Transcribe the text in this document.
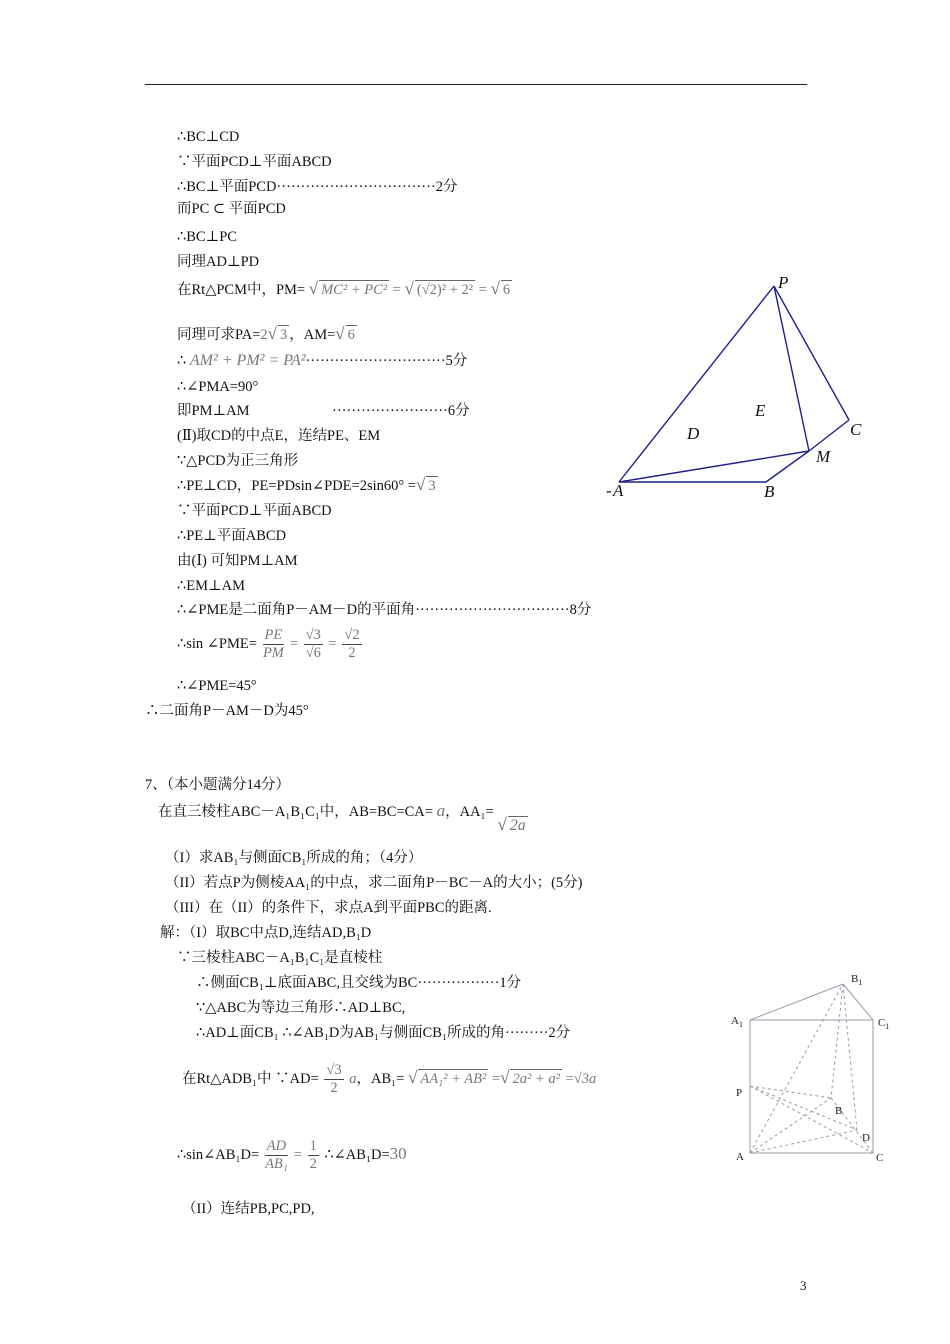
∴BC⊥CD
∵平面PCD⊥平面ABCD
∴BC⊥平面PCD·································2分
而PC ⊂ 平面PCD
∴BC⊥PC
同理AD⊥PD
在Rt△PCM中，PM= √ MC² + PC² = √ (√2)² + 2² = √ 6
同理可求PA=2√ 3 ，AM=√ 6
∴ AM² + PM² = PA²·····························5分
∴∠PMA=90°
即PM⊥AM	························6分
(Ⅱ)取CD的中点E，连结PE、EM
∵△PCD为正三角形
∴PE⊥CD，PE=PDsin∠PDE=2sin60° =√ 3
∵平面PCD⊥平面ABCD
∴PE⊥平面ABCD
由(Ⅰ) 可知PM⊥AM
∴EM⊥AM
∴∠PME是二面角P－AM－D的平面角································8分
∴sin ∠PME= $\frac{PE}{PM} = \frac{√3}{√6} = \frac{√2}{2}$
∴∠PME=45°
∴二面角P－AM－D为45°
7、（本小题满分14分）
在直三棱柱ABC－A₁B₁C₁中，AB=BC=CA= a，AA₁= √ 2a
（I）求AB₁与侧面CB₁所成的角；（4分）
（II）若点P为侧棱AA₁的中点，求二面角P－BC－A的大小；(5分)
（III）在（II）的条件下，求点A到平面PBC的距离.
解：（I）取BC中点D,连结AD,B₁D
∵三棱柱ABC－A₁B₁C₁是直棱柱
∴侧面CB₁⊥底面ABC,且交线为BC·················1分
∵△ABC为等边三角形∴AD⊥BC,
∴AD⊥面CB₁ ∴∠AB₁D为AB₁与侧面CB₁所成的角·········2分
在Rt△ADB₁中 ∵AD= $\frac{√3}{2}$ a，AB₁= √ AA₁² + AB² =√ 2a² + a² =√3a
∴sin∠AB₁D= $\frac{AD}{\text{AB₁}} = \frac{1}{2}$ ∴∠AB₁D=30
（II）连结PB,PC,PD,
P
C
M
E
D
- A	B
$B_1$
$A_1$	$C_1$
P
B
D
A	C
3
